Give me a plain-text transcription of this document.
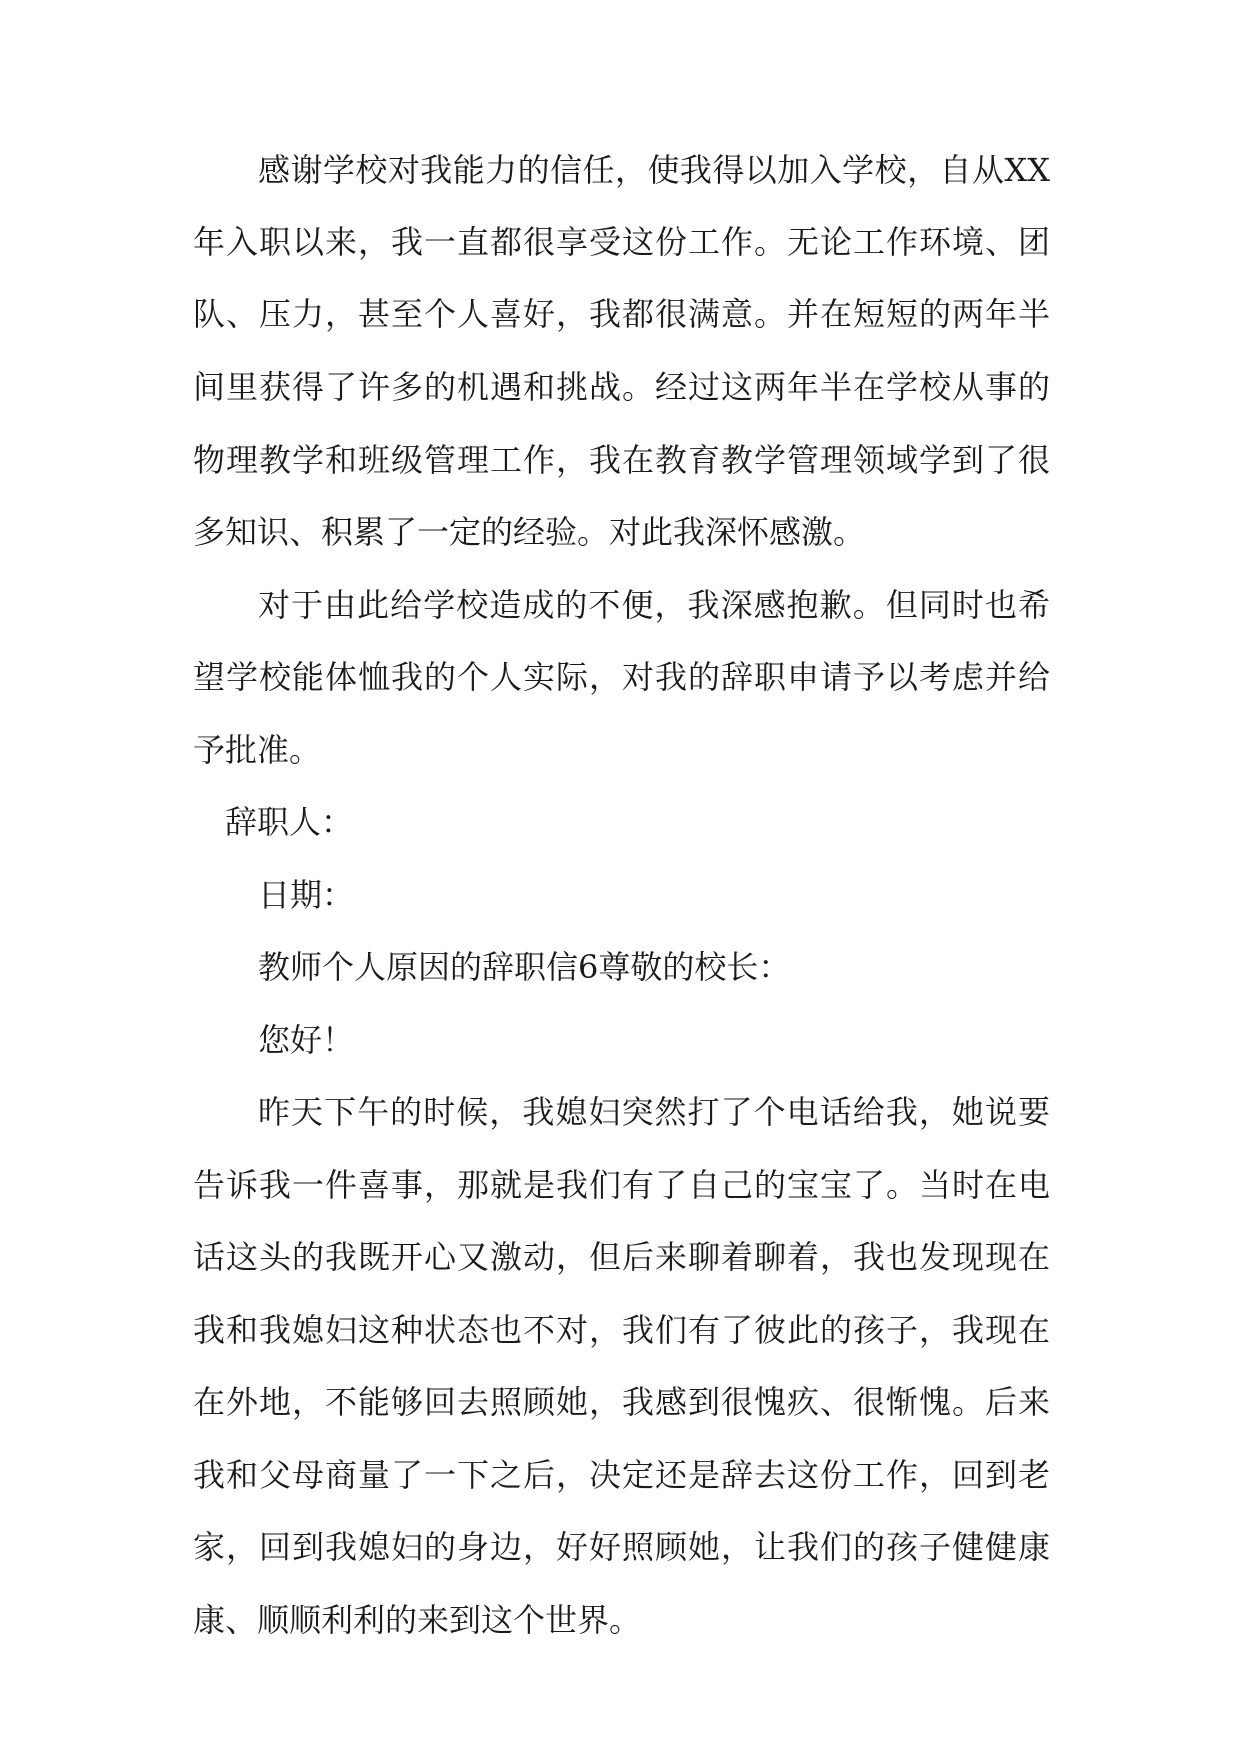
感谢学校对我能力的信任，使我得以加入学校，自从XX
年入职以来，我一直都很享受这份工作。无论工作环境、团
队、压力，甚至个人喜好，我都很满意。并在短短的两年半
间里获得了许多的机遇和挑战。经过这两年半在学校从事的
物理教学和班级管理工作，我在教育教学管理领域学到了很
多知识、积累了一定的经验。对此我深怀感激。
对于由此给学校造成的不便，我深感抱歉。但同时也希
望学校能体恤我的个人实际，对我的辞职申请予以考虑并给
予批准。
辞职人：
日期：
教师个人原因的辞职信6尊敬的校长：
您好！
昨天下午的时候，我媳妇突然打了个电话给我，她说要
告诉我一件喜事，那就是我们有了自己的宝宝了。当时在电
话这头的我既开心又激动，但后来聊着聊着，我也发现现在
我和我媳妇这种状态也不对，我们有了彼此的孩子，我现在
在外地，不能够回去照顾她，我感到很愧疚、很惭愧。后来
我和父母商量了一下之后，决定还是辞去这份工作，回到老
家，回到我媳妇的身边，好好照顾她，让我们的孩子健健康
康、顺顺利利的来到这个世界。
